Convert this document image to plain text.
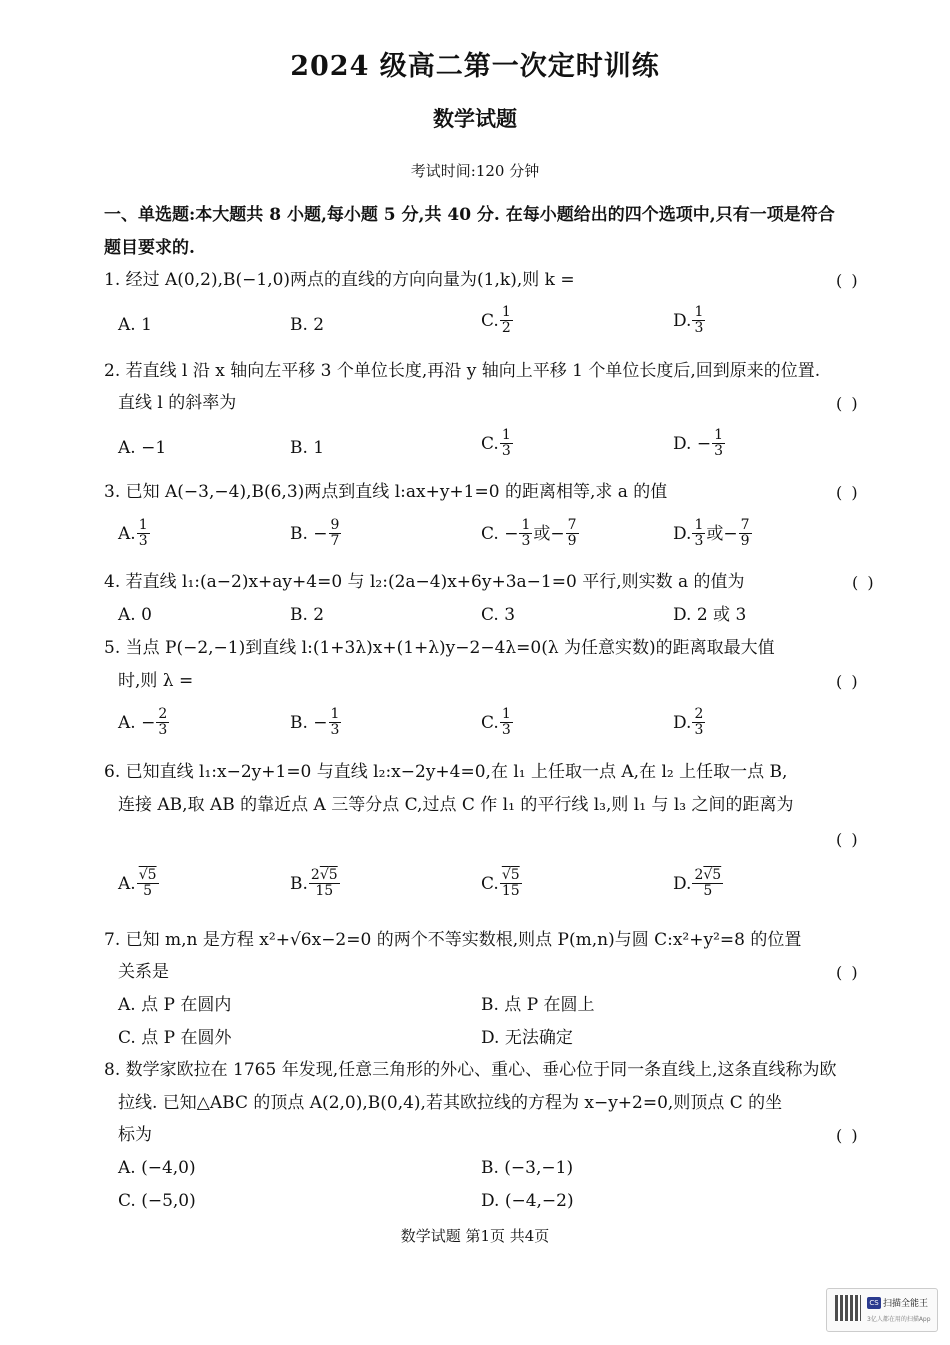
2024 级高二第一次定时训练
数学试题
考试时间:120 分钟
一、单选题:本大题共 8 小题,每小题 5 分,共 40 分. 在每小题给出的四个选项中,只有一项是符合
题目要求的.
1. 经过 A(0,2),B(−1,0)两点的直线的方向向量为(1,k),则 k =	( )
A. 1	B. 2	C. $\frac{1}{2}$	D. $\frac{1}{3}$
2. 若直线 l 沿 x 轴向左平移 3 个单位长度,再沿 y 轴向上平移 1 个单位长度后,回到原来的位置.
直线 l 的斜率为	( )
A. −1	B. 1	C. $\frac{1}{3}$	D. − $\frac{1}{3}$
3. 已知 A(−3,−4),B(6,3)两点到直线 l:ax+y+1=0 的距离相等,求 a 的值	( )
A. $\frac{1}{3}$	B. − $\frac{9}{7}$	C. − $\frac{1}{3}$ 或− $\frac{7}{9}$	D. $\frac{1}{3}$ 或− $\frac{7}{9}$
4. 若直线 l₁:(a−2)x+ay+4=0 与 l₂:(2a−4)x+6y+3a−1=0 平行,则实数 a 的值为	( )
A. 0	B. 2	C. 3	D. 2 或 3
5. 当点 P(−2,−1)到直线 l:(1+3λ)x+(1+λ)y−2−4λ=0(λ 为任意实数)的距离取最大值
时,则 λ =	( )
A. − $\frac{2}{3}$	B. − $\frac{1}{3}$	C. $\frac{1}{3}$	D. $\frac{2}{3}$
6. 已知直线 l₁:x−2y+1=0 与直线 l₂:x−2y+4=0,在 l₁ 上任取一点 A,在 l₂ 上任取一点 B,
连接 AB,取 AB 的靠近点 A 三等分点 C,过点 C 作 l₁ 的平行线 l₃,则 l₁ 与 l₃ 之间的距离为
( )
A. √ $\frac{5}{5}$	B. $\frac{2 √ 5}{15}$	C. √ $\frac{5}{15}$	D. $\frac{2 √ 5}{5}$
7. 已知 m,n 是方程 x²+√6x−2=0 的两个不等实数根,则点 P(m,n)与圆 C:x²+y²=8 的位置
关系是	( )
A. 点 P 在圆内	B. 点 P 在圆上
C. 点 P 在圆外	D. 无法确定
8. 数学家欧拉在 1765 年发现,任意三角形的外心、重心、垂心位于同一条直线上,这条直线称为欧
拉线. 已知△ABC 的顶点 A(2,0),B(0,4),若其欧拉线的方程为 x−y+2=0,则顶点 C 的坐
标为	( )
A. (−4,0)	B. (−3,−1)
C. (−5,0)	D. (−4,−2)
数学试题 第1页 共4页
CS 扫描全能王
3亿人都在用的扫描App
